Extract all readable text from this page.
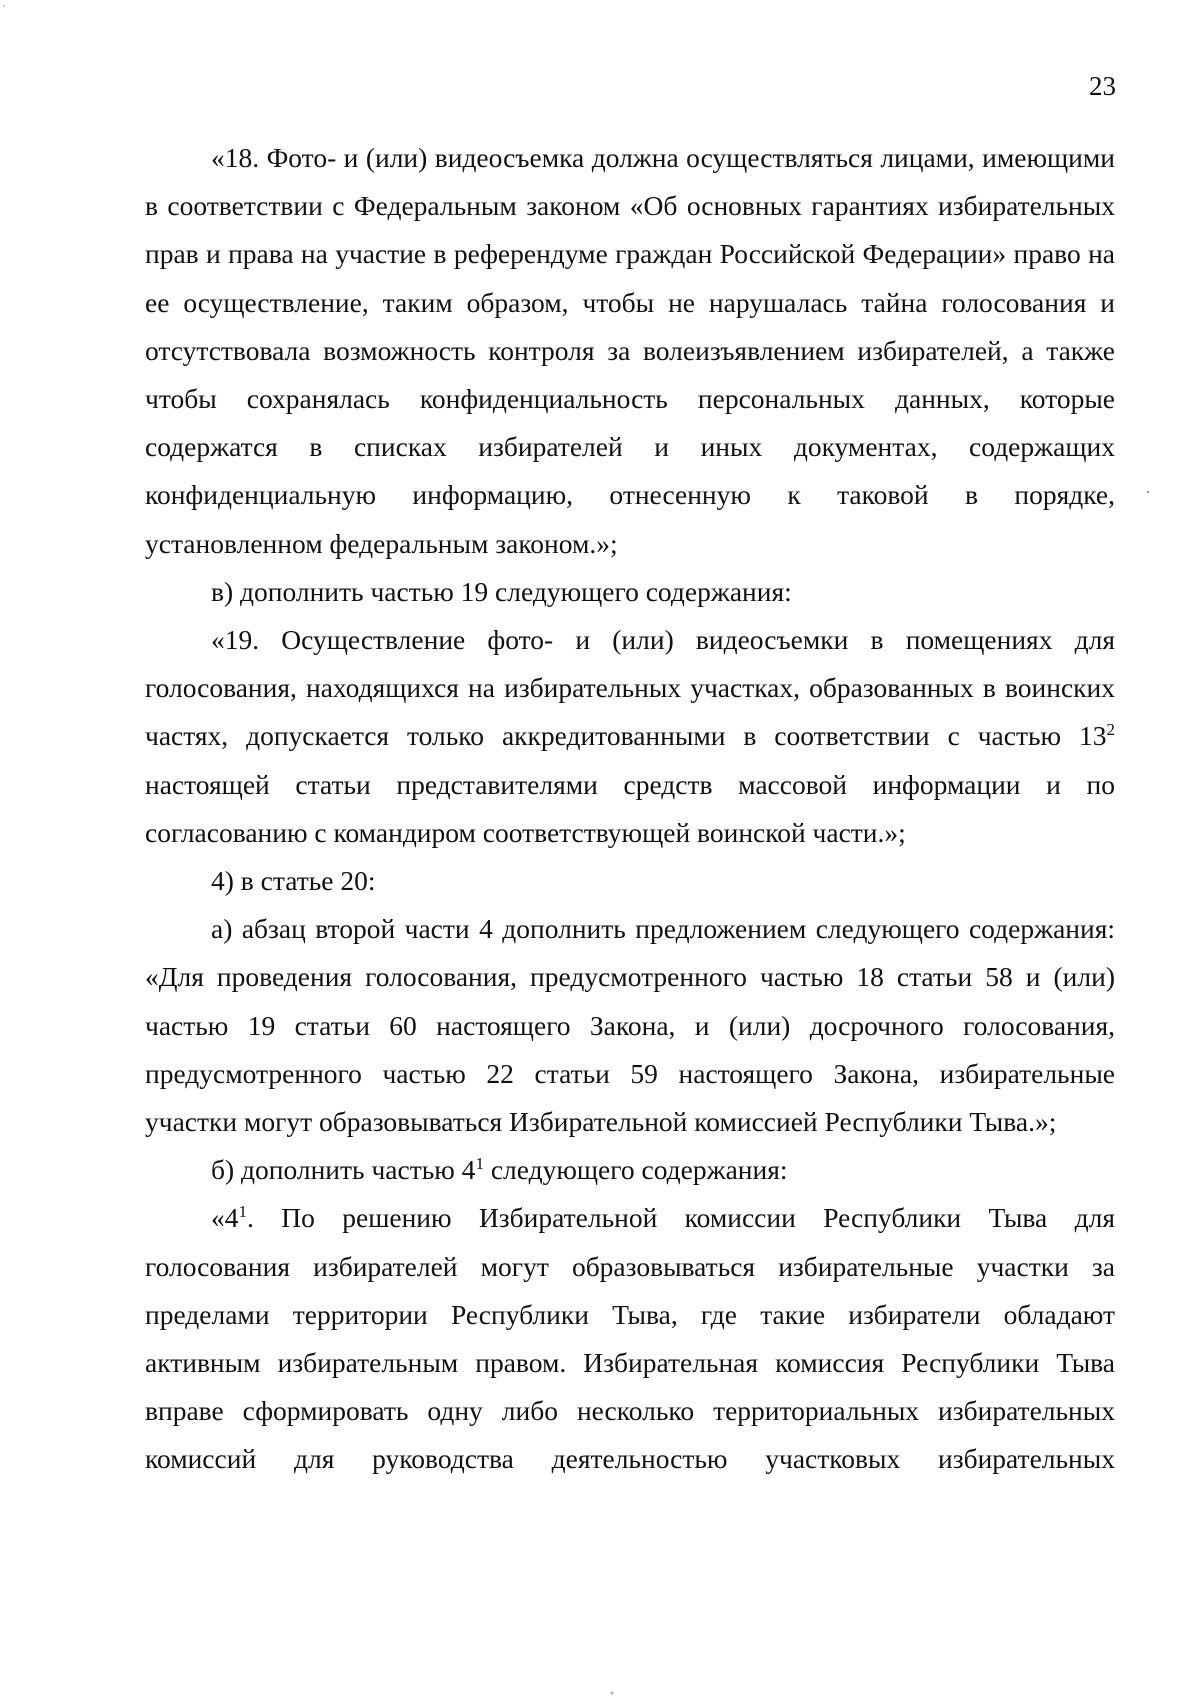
23

«18. Фото- и (или) видеосъемка должна осуществляться лицами, имеющими в соответствии с Федеральным законом «Об основных гарантиях избирательных прав и права на участие в референдуме граждан Российской Федерации» право на ее осуществление, таким образом, чтобы не нарушалась тайна голосования и отсутствовала возможность контроля за волеизъявлением избирателей, а также чтобы сохранялась конфиденциальность персональных данных, которые содержатся в списках избирателей и иных документах, содержащих конфиденциальную информацию, отнесенную к таковой в порядке, установленном федеральным законом.»;

в) дополнить частью 19 следующего содержания:

«19. Осуществление фото- и (или) видеосъемки в помещениях для голосования, находящихся на избирательных участках, образованных в воинских частях, допускается только аккредитованными в соответствии с частью $13^2$ настоящей статьи представителями средств массовой информации и по согласованию с командиром соответствующей воинской части.»;

4) в статье 20:

а) абзац второй части 4 дополнить предложением следующего содержания: «Для проведения голосования, предусмотренного частью 18 статьи 58 и (или) частью 19 статьи 60 настоящего Закона, и (или) досрочного голосования, предусмотренного частью 22 статьи 59 настоящего Закона, избирательные участки могут образовываться Избирательной комиссией Республики Тыва.»;

б) дополнить частью $4^1$ следующего содержания:

«$4^1$. По решению Избирательной комиссии Республики Тыва для голосования избирателей могут образовываться избирательные участки за пределами территории Республики Тыва, где такие избиратели обладают активным избирательным правом. Избирательная комиссия Республики Тыва вправе сформировать одну либо несколько территориальных избирательных комиссий для руководства деятельностью участковых избирательных
